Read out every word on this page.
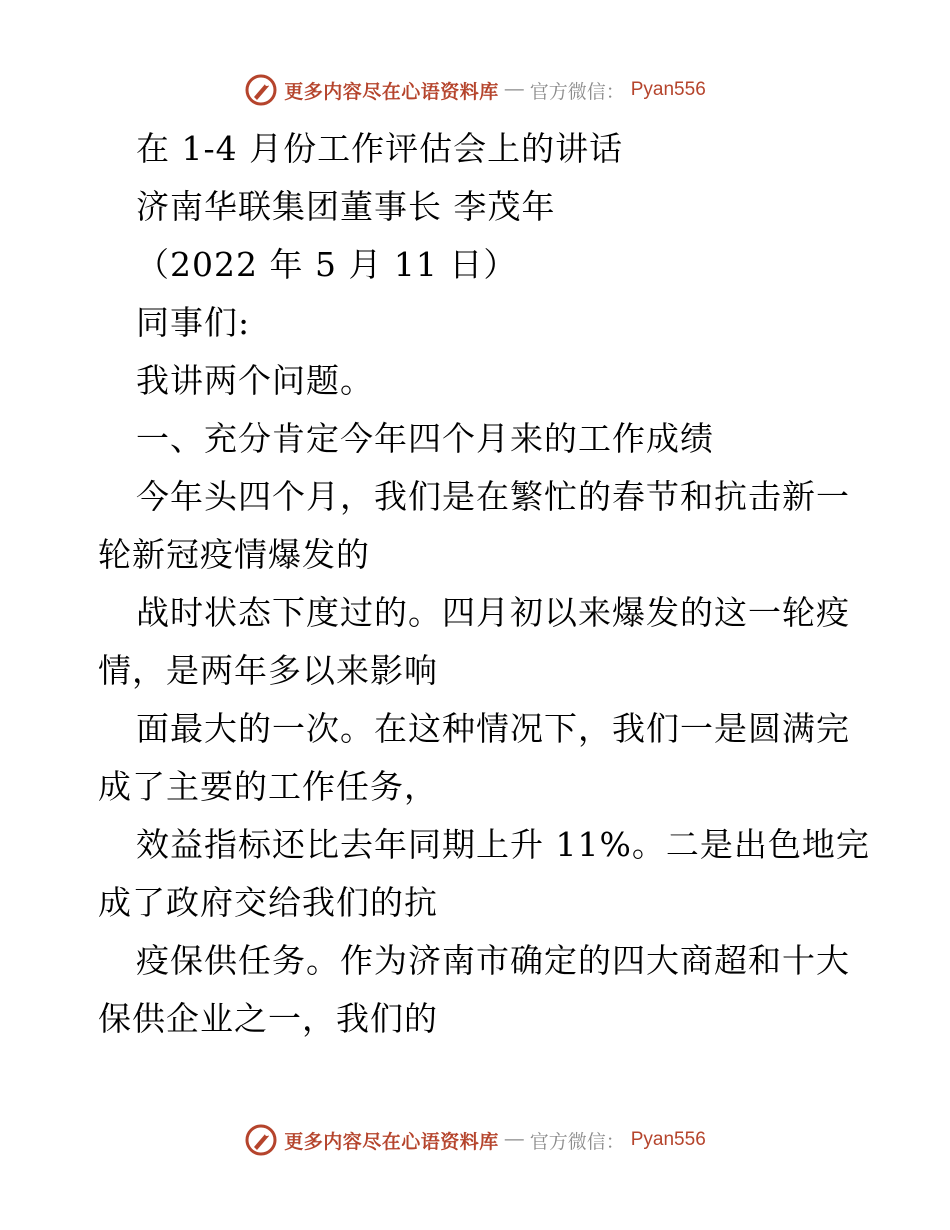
更多内容尽在心语资料库 — 官方微信： Pyan556
在 1-4 月份工作评估会上的讲话
济南华联集团董事长 李茂年
（2022 年 5 月 11 日）
同事们:
我讲两个问题。
一、充分肯定今年四个月来的工作成绩
今年头四个月，我们是在繁忙的春节和抗击新一
轮新冠疫情爆发的
战时状态下度过的。四月初以来爆发的这一轮疫
情，是两年多以来影响
面最大的一次。在这种情况下，我们一是圆满完
成了主要的工作任务，
效益指标还比去年同期上升 11%。二是出色地完
成了政府交给我们的抗
疫保供任务。作为济南市确定的四大商超和十大
保供企业之一，我们的
更多内容尽在心语资料库 — 官方微信： Pyan556
